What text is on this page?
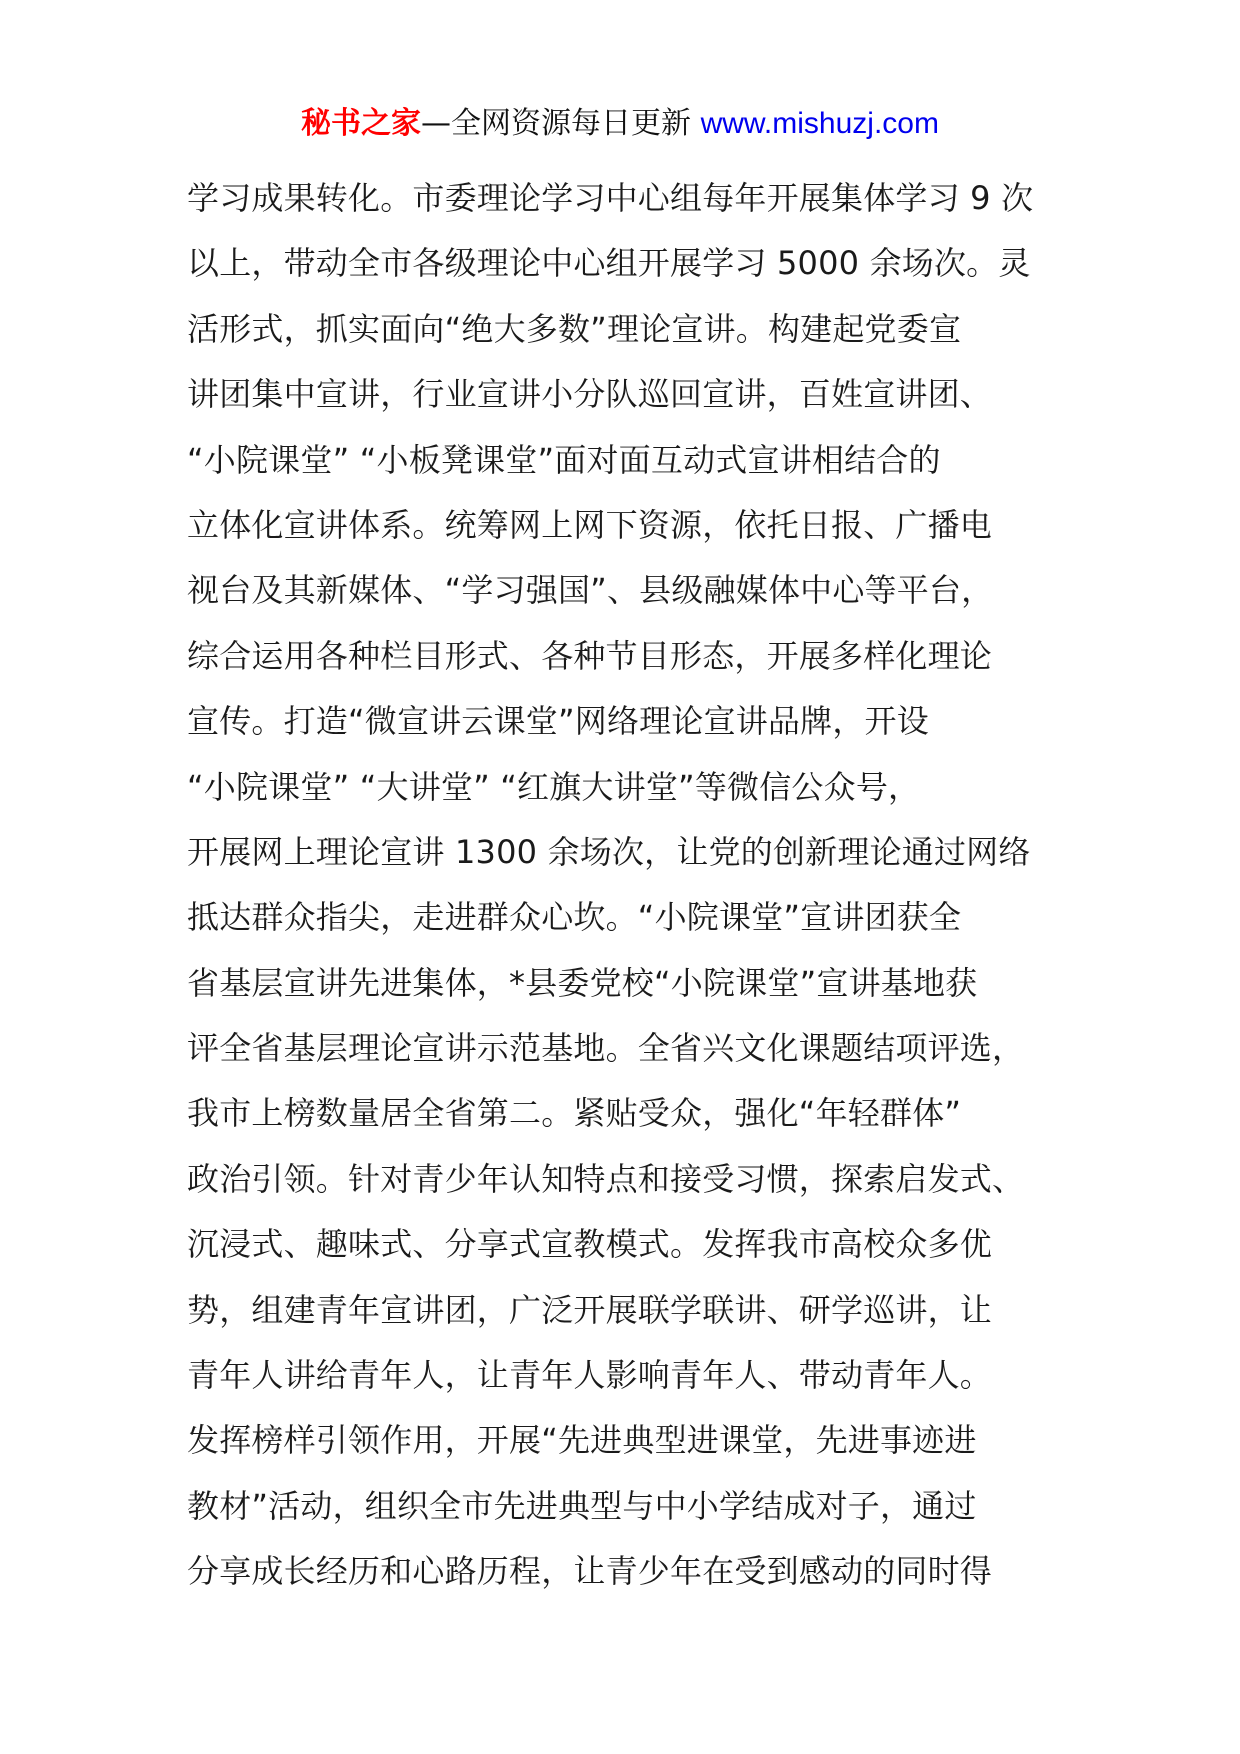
秘书之家—全网资源每日更新 www.mishuzj.com
学习成果转化。市委理论学习中心组每年开展集体学习 9 次
以上，带动全市各级理论中心组开展学习 5000 余场次。灵
活形式，抓实面向“绝大多数”理论宣讲。构建起党委宣
讲团集中宣讲，行业宣讲小分队巡回宣讲，百姓宣讲团、
“小院课堂” “小板凳课堂”面对面互动式宣讲相结合的
立体化宣讲体系。统筹网上网下资源，依托日报、广播电
视台及其新媒体、“学习强国”、县级融媒体中心等平台，
综合运用各种栏目形式、各种节目形态，开展多样化理论
宣传。打造“微宣讲云课堂”网络理论宣讲品牌，开设
“小院课堂” “大讲堂” “红旗大讲堂”等微信公众号，
开展网上理论宣讲 1300 余场次，让党的创新理论通过网络
抵达群众指尖，走进群众心坎。“小院课堂”宣讲团获全
省基层宣讲先进集体，*县委党校“小院课堂”宣讲基地获
评全省基层理论宣讲示范基地。全省兴文化课题结项评选，
我市上榜数量居全省第二。紧贴受众，强化“年轻群体”
政治引领。针对青少年认知特点和接受习惯，探索启发式、
沉浸式、趣味式、分享式宣教模式。发挥我市高校众多优
势，组建青年宣讲团，广泛开展联学联讲、研学巡讲，让
青年人讲给青年人，让青年人影响青年人、带动青年人。
发挥榜样引领作用，开展“先进典型进课堂，先进事迹进
教材”活动，组织全市先进典型与中小学结成对子，通过
分享成长经历和心路历程，让青少年在受到感动的同时得
